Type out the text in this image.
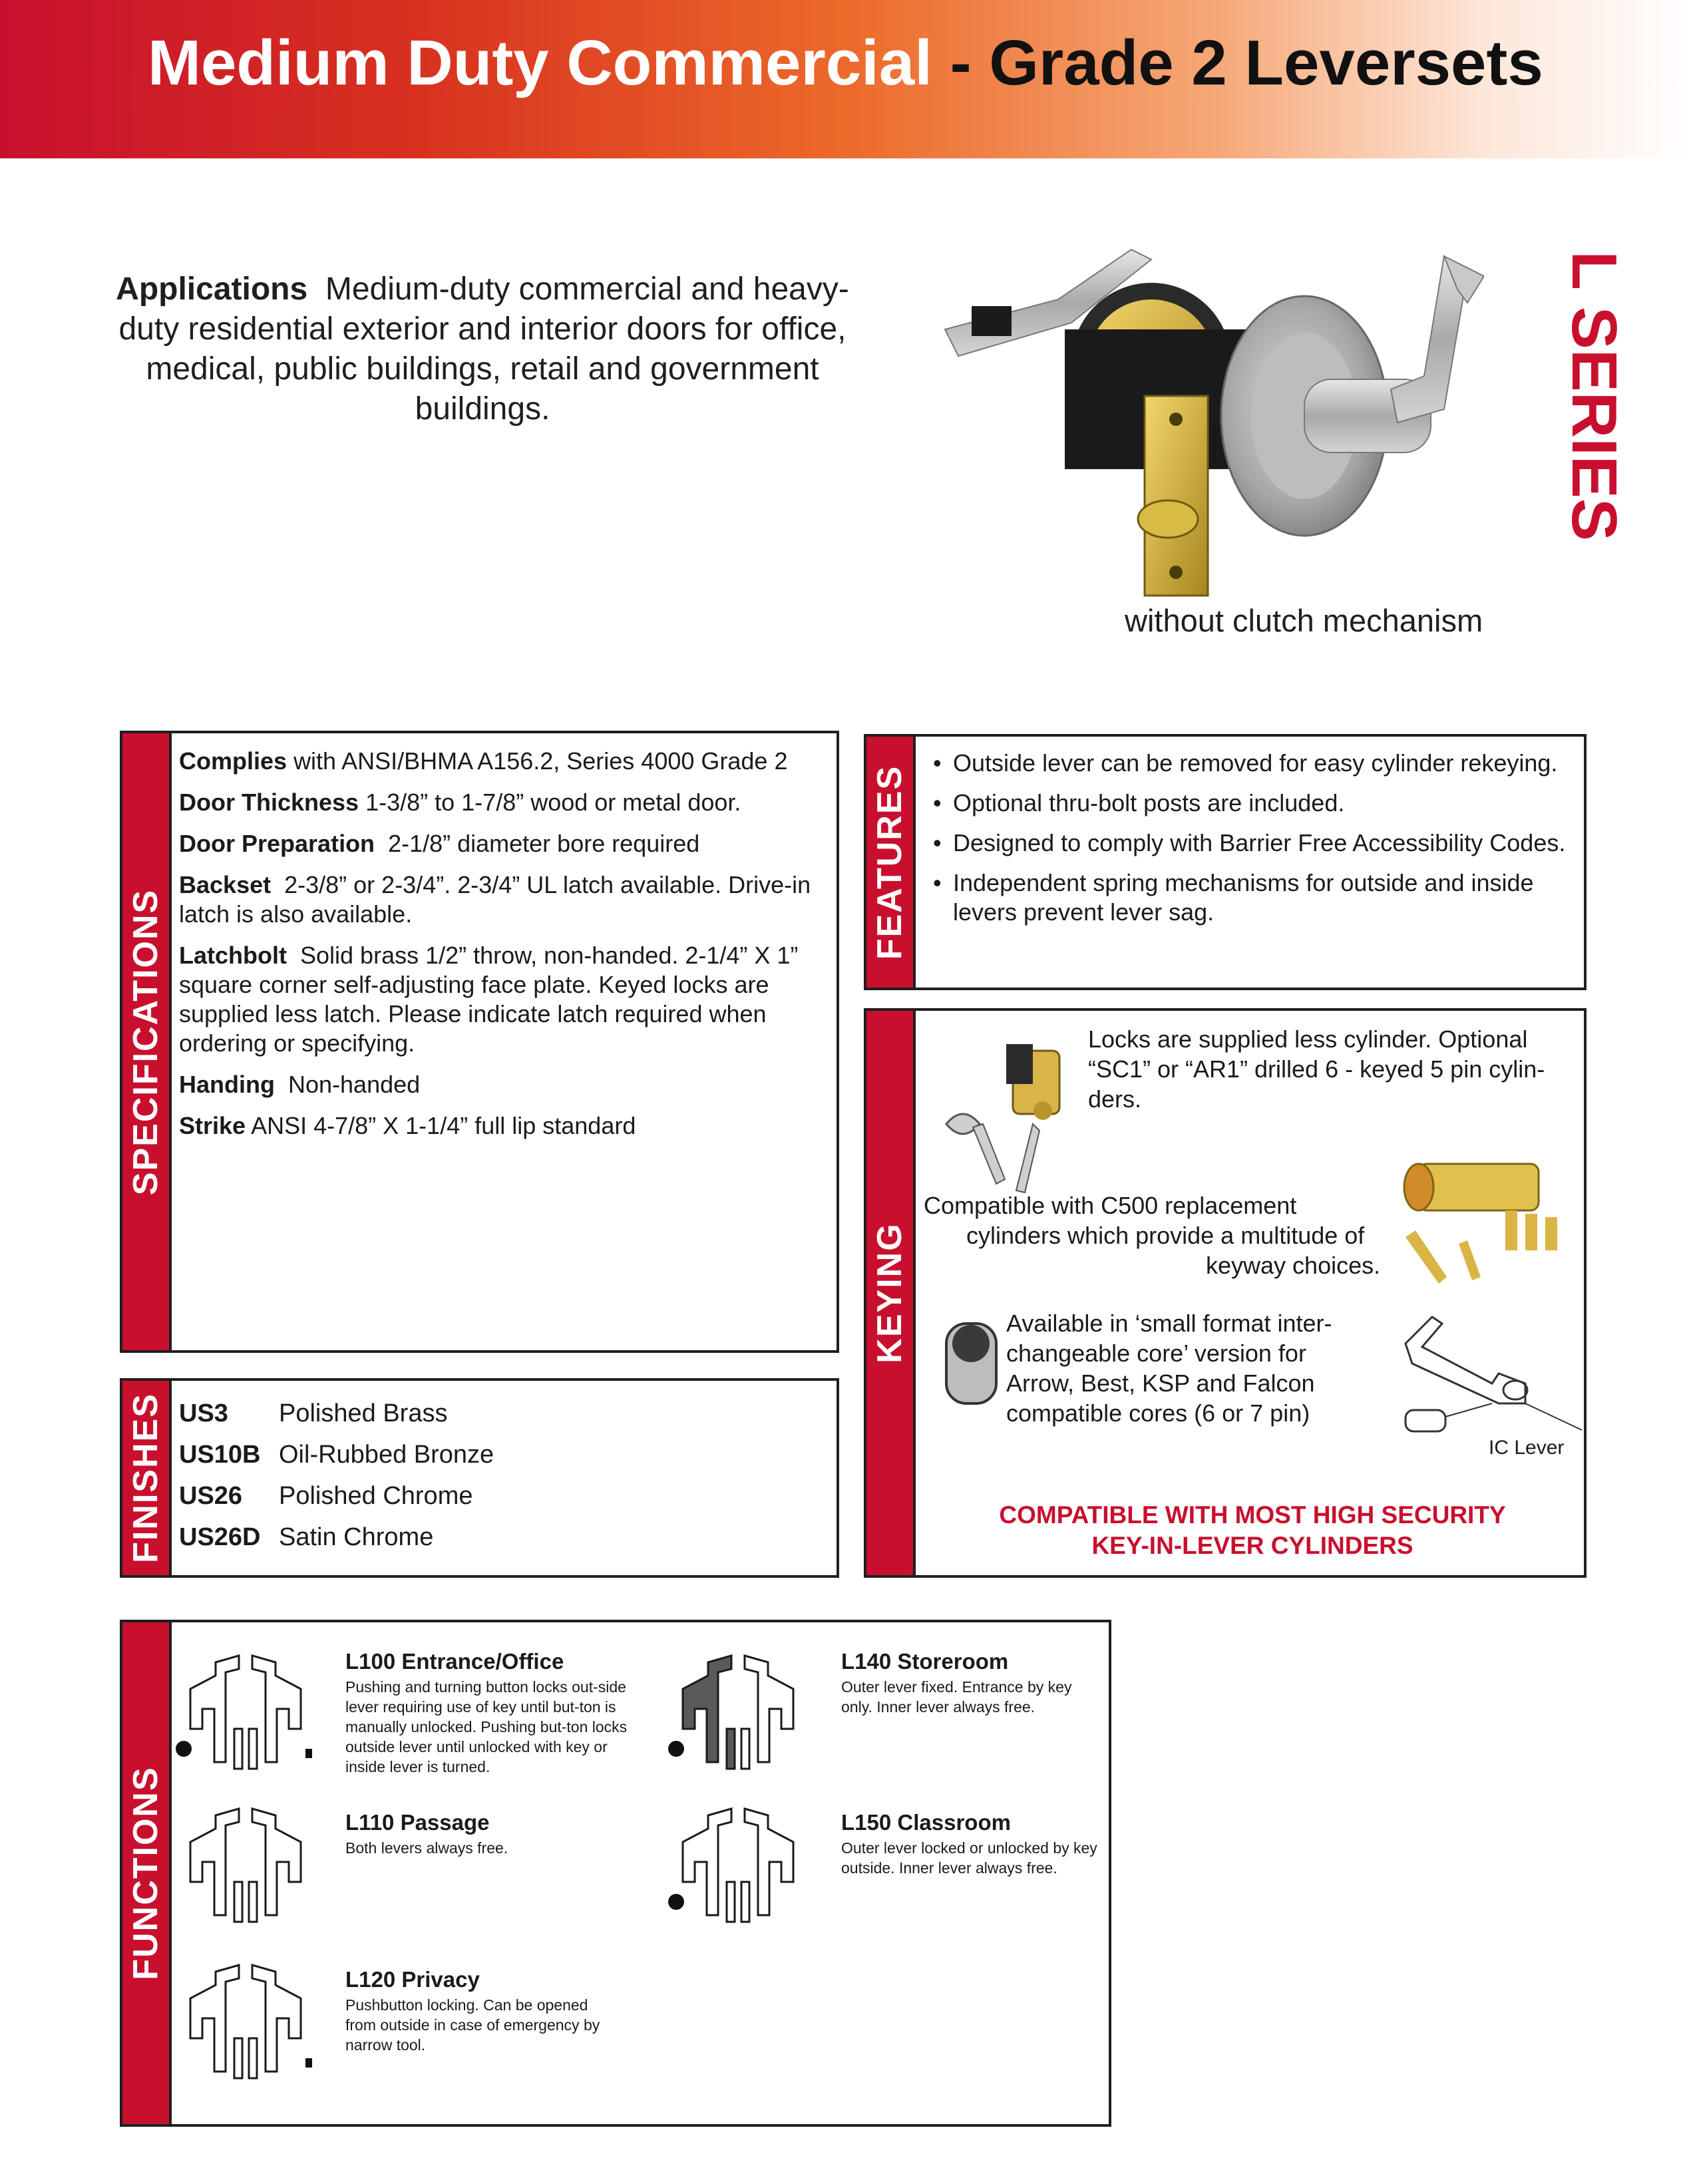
Medium Duty Commercial - Grade 2 Leversets
L SERIES
Applications Medium-duty commercial and heavy-duty residential exterior and interior doors for office, medical, public buildings, retail and government buildings.
without clutch mechanism
SPECIFICATIONS

Complies with ANSI/BHMA A156.2, Series 4000 Grade 2

Door Thickness 1-3/8” to 1-7/8” wood or metal door.

Door Preparation 2-1/8” diameter bore required

Backset 2-3/8” or 2-3/4”. 2-3/4” UL latch available. Drive-in latch is also available.

Latchbolt Solid brass 1/2” throw, non-handed. 2-1/4” X 1” square corner self-adjusting face plate. Keyed locks are supplied less latch. Please indicate latch required when ordering or specifying.

Handing Non-handed

Strike ANSI 4-7/8” X 1-1/4” full lip standard

FINISHES US3 Polished Brass
US10B Oil-Rubbed Bronze
US26 Polished Chrome
US26D Satin Chrome
FEATURES
• Outside lever can be removed for easy cylinder rekeying.
• Optional thru-bolt posts are included.
• Designed to comply with Barrier Free Accessibility Codes.
• Independent spring mechanisms for outside and inside levers prevent lever sag.
KEYING
Locks are supplied less cylinder. Optional “SC1” or “AR1” drilled 6 - keyed 5 pin cylin-ders.
Compatible with C500 replacement
cylinders which provide a multitude of
keyway choices.
Available in ‘small format inter-changeable core’ version for Arrow, Best, KSP and Falcon compatible cores (6 or 7 pin)
IC Lever
COMPATIBLE WITH MOST HIGH SECURITY
KEY-IN-LEVER CYLINDERS
FUNCTIONS
L100 Entrance/Office
Pushing and turning button locks out-side lever requiring use of key until but-ton is manually unlocked. Pushing but-ton locks outside lever until unlocked with key or inside lever is turned.
L110 Passage
Both levers always free.
L120 Privacy
Pushbutton locking. Can be opened from outside in case of emergency by narrow tool.
L140 Storeroom
Outer lever fixed. Entrance by key only. Inner lever always free.
L150 Classroom
Outer lever locked or unlocked by key outside. Inner lever always free.
